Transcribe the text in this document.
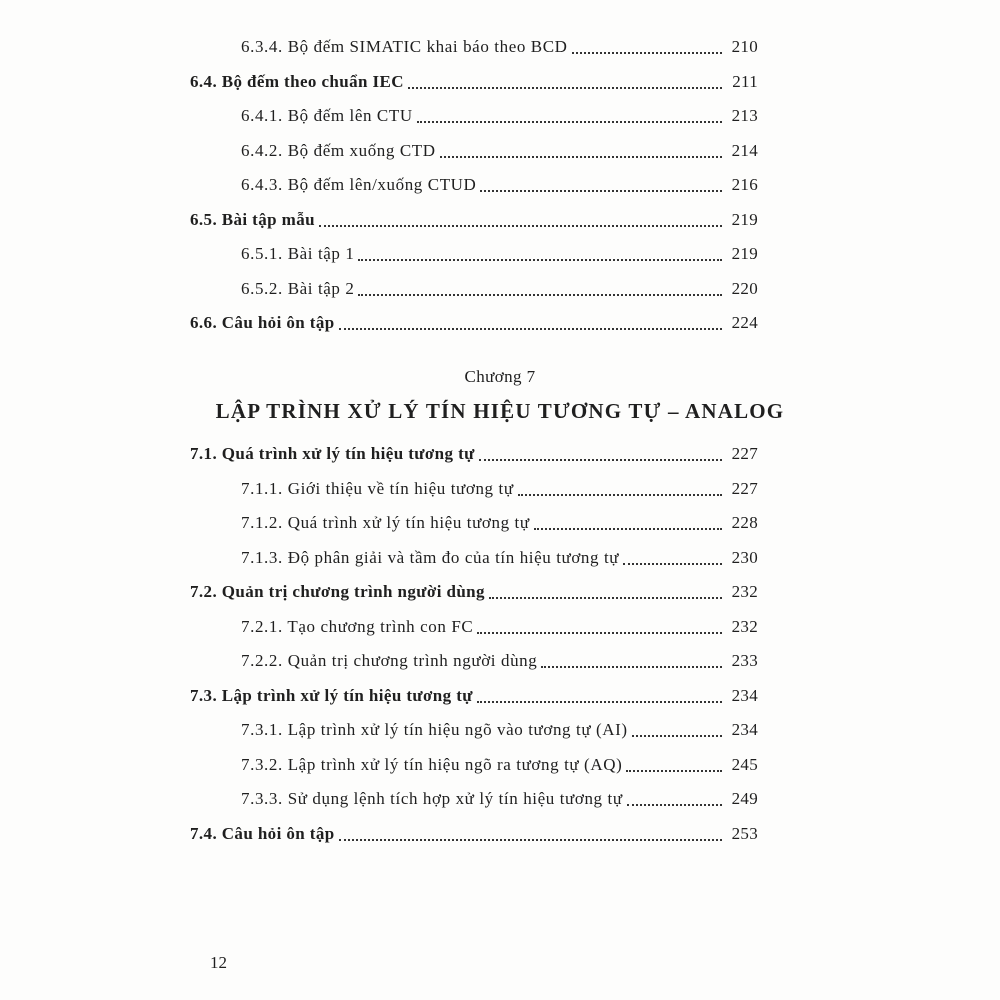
6.3.4. Bộ đếm SIMATIC khai báo theo BCD	210
6.4. Bộ đếm theo chuẩn IEC	211
6.4.1. Bộ đếm lên CTU	213
6.4.2. Bộ đếm xuống CTD	214
6.4.3. Bộ đếm lên/xuống CTUD	216
6.5. Bài tập mẫu	219
6.5.1. Bài tập 1	219
6.5.2. Bài tập 2	220
6.6. Câu hỏi ôn tập	224
Chương 7
LẬP TRÌNH XỬ LÝ TÍN HIỆU TƯƠNG TỰ – ANALOG
7.1. Quá trình xử lý tín hiệu tương tự	227
7.1.1. Giới thiệu về tín hiệu tương tự	227
7.1.2. Quá trình xử lý tín hiệu tương tự	228
7.1.3. Độ phân giải và tầm đo của tín hiệu tương tự	230
7.2. Quản trị chương trình người dùng	232
7.2.1. Tạo chương trình con FC	232
7.2.2. Quản trị chương trình người dùng	233
7.3. Lập trình xử lý tín hiệu tương tự	234
7.3.1. Lập trình xử lý tín hiệu ngõ vào tương tự (AI)	234
7.3.2. Lập trình xử lý tín hiệu ngõ ra tương tự (AQ)	245
7.3.3. Sử dụng lệnh tích hợp xử lý tín hiệu tương tự	249
7.4. Câu hỏi ôn tập	253
12
